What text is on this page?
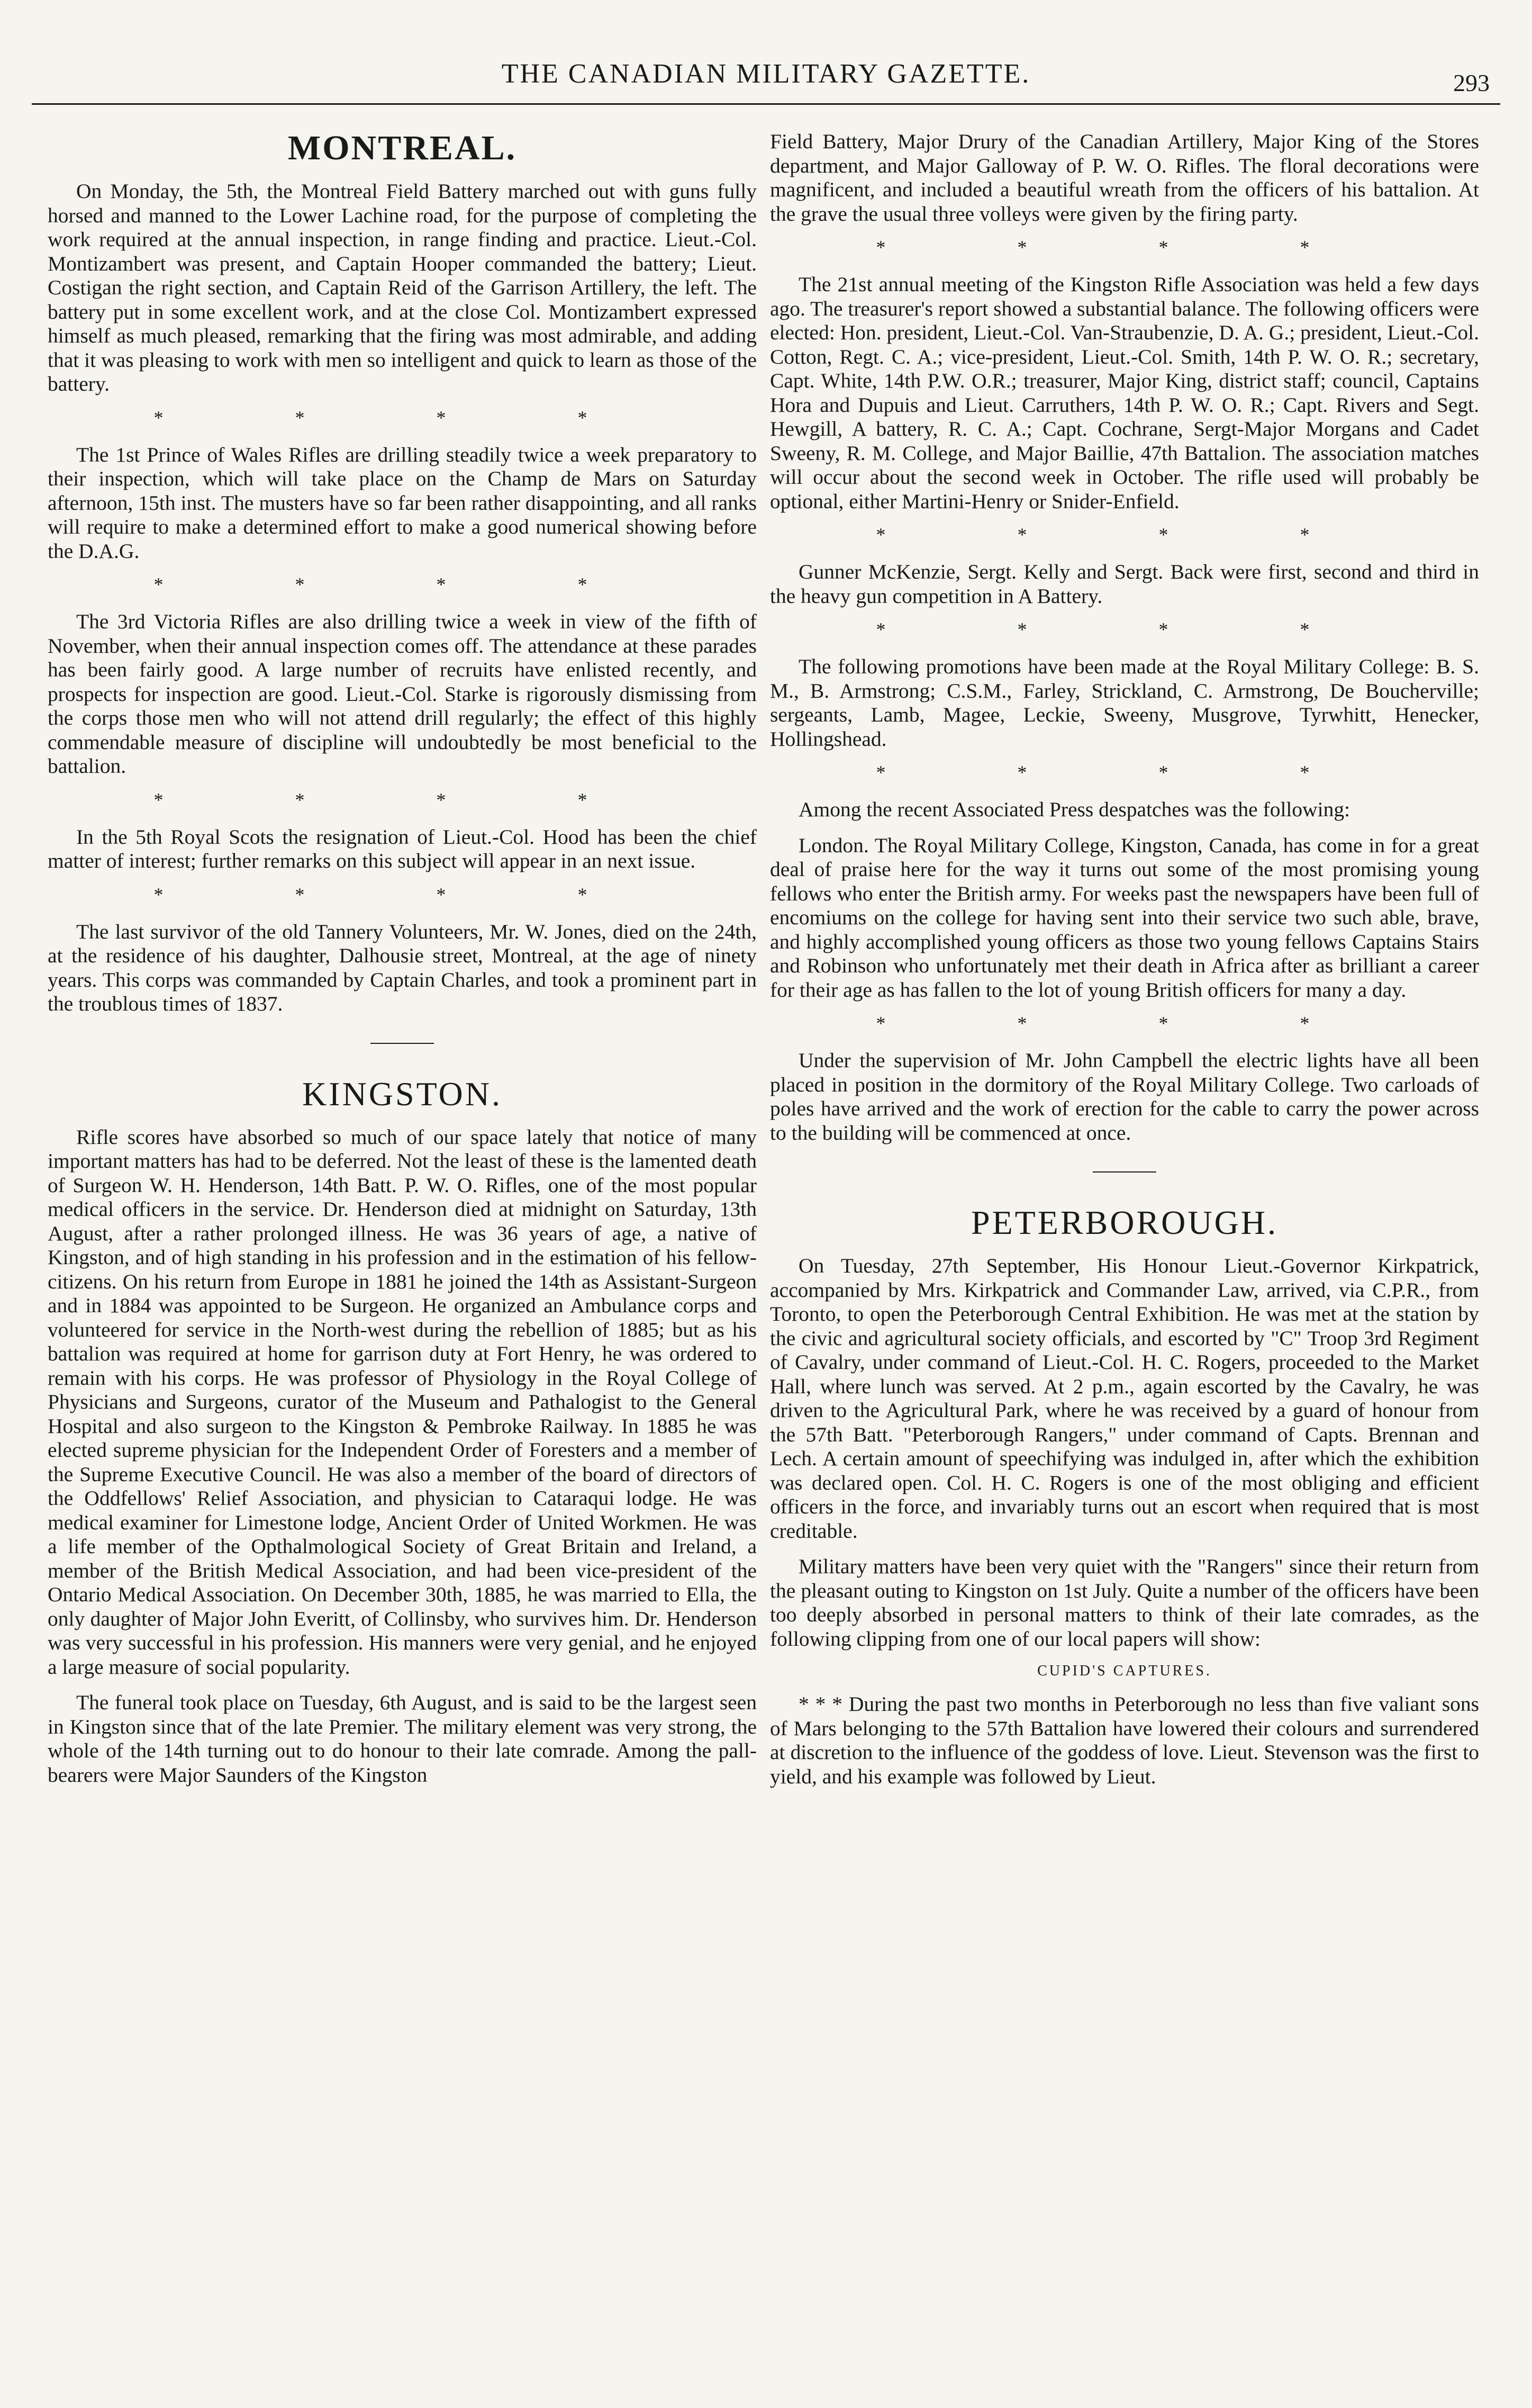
THE CANADIAN MILITARY GAZETTE.	293
MONTREAL.

On Monday, the 5th, the Montreal Field Battery marched out with guns fully horsed and manned to the Lower Lachine road, for the purpose of completing the work required at the annual inspection, in range finding and practice. Lieut.-Col. Montizambert was present, and Captain Hooper commanded the battery; Lieut. Costigan the right section, and Captain Reid of the Garrison Artillery, the left. The battery put in some excellent work, and at the close Col. Montizambert expressed himself as much pleased, remarking that the firing was most admirable, and adding that it was pleasing to work with men so intelligent and quick to learn as those of the battery.

* * * *

The 1st Prince of Wales Rifles are drilling steadily twice a week preparatory to their inspection, which will take place on the Champ de Mars on Saturday afternoon, 15th inst. The musters have so far been rather disappointing, and all ranks will require to make a determined effort to make a good numerical showing before the D.A.G.

* * * *

The 3rd Victoria Rifles are also drilling twice a week in view of the fifth of November, when their annual inspection comes off. The attendance at these parades has been fairly good. A large number of recruits have enlisted recently, and prospects for inspection are good. Lieut.-Col. Starke is rigorously dismissing from the corps those men who will not attend drill regularly; the effect of this highly commendable measure of discipline will undoubtedly be most beneficial to the battalion.

* * * *

In the 5th Royal Scots the resignation of Lieut.-Col. Hood has been the chief matter of interest; further remarks on this subject will appear in an next issue.

* * * *

The last survivor of the old Tannery Volunteers, Mr. W. Jones, died on the 24th, at the residence of his daughter, Dalhousie street, Montreal, at the age of ninety years. This corps was commanded by Captain Charles, and took a prominent part in the troublous times of 1837.

KINGSTON.

Rifle scores have absorbed so much of our space lately that notice of many important matters has had to be deferred. Not the least of these is the lamented death of Surgeon W. H. Henderson, 14th Batt. P. W. O. Rifles, one of the most popular medical officers in the service. Dr. Henderson died at midnight on Saturday, 13th August, after a rather prolonged illness. He was 36 years of age, a native of Kingston, and of high standing in his profession and in the estimation of his fellow-citizens. On his return from Europe in 1881 he joined the 14th as Assistant-Surgeon and in 1884 was appointed to be Surgeon. He organized an Ambulance corps and volunteered for service in the North-west during the rebellion of 1885; but as his battalion was required at home for garrison duty at Fort Henry, he was ordered to remain with his corps. He was professor of Physiology in the Royal College of Physicians and Surgeons, curator of the Museum and Pathalogist to the General Hospital and also surgeon to the Kingston & Pembroke Railway. In 1885 he was elected supreme physician for the Independent Order of Foresters and a member of the Supreme Executive Council. He was also a member of the board of directors of the Oddfellows' Relief Association, and physician to Cataraqui lodge. He was medical examiner for Limestone lodge, Ancient Order of United Workmen. He was a life member of the Opthalmological Society of Great Britain and Ireland, a member of the British Medical Association, and had been vice-president of the Ontario Medical Association. On December 30th, 1885, he was married to Ella, the only daughter of Major John Everitt, of Collinsby, who survives him. Dr. Henderson was very successful in his profession. His manners were very genial, and he enjoyed a large measure of social popularity.

The funeral took place on Tuesday, 6th August, and is said to be the largest seen in Kingston since that of the late Premier. The military element was very strong, the whole of the 14th turning out to do honour to their late comrade. Among the pall-bearers were Major Saunders of the Kingston

Field Battery, Major Drury of the Canadian Artillery, Major King of the Stores department, and Major Galloway of P. W. O. Rifles. The floral decorations were magnificent, and included a beautiful wreath from the officers of his battalion. At the grave the usual three volleys were given by the firing party.

* * * *

The 21st annual meeting of the Kingston Rifle Association was held a few days ago. The treasurer's report showed a substantial balance. The following officers were elected: Hon. president, Lieut.-Col. Van-Straubenzie, D. A. G.; president, Lieut.-Col. Cotton, Regt. C. A.; vice-president, Lieut.-Col. Smith, 14th P. W. O. R.; secretary, Capt. White, 14th P.W. O.R.; treasurer, Major King, district staff; council, Captains Hora and Dupuis and Lieut. Carruthers, 14th P. W. O. R.; Capt. Rivers and Segt. Hewgill, A battery, R. C. A.; Capt. Cochrane, Sergt-Major Morgans and Cadet Sweeny, R. M. College, and Major Baillie, 47th Battalion. The association matches will occur about the second week in October. The rifle used will probably be optional, either Martini-Henry or Snider-Enfield.

* * * *

Gunner McKenzie, Sergt. Kelly and Sergt. Back were first, second and third in the heavy gun competition in A Battery.

* * * *

The following promotions have been made at the Royal Military College: B. S. M., B. Armstrong; C.S.M., Farley, Strickland, C. Armstrong, De Boucherville; sergeants, Lamb, Magee, Leckie, Sweeny, Musgrove, Tyrwhitt, Henecker, Hollingshead.

* * * *

Among the recent Associated Press despatches was the following:

London. The Royal Military College, Kingston, Canada, has come in for a great deal of praise here for the way it turns out some of the most promising young fellows who enter the British army. For weeks past the newspapers have been full of encomiums on the college for having sent into their service two such able, brave, and highly accomplished young officers as those two young fellows Captains Stairs and Robinson who unfortunately met their death in Africa after as brilliant a career for their age as has fallen to the lot of young British officers for many a day.

* * * *

Under the supervision of Mr. John Campbell the electric lights have all been placed in position in the dormitory of the Royal Military College. Two carloads of poles have arrived and the work of erection for the cable to carry the power across to the building will be commenced at once.

PETERBOROUGH.

On Tuesday, 27th September, His Honour Lieut.-Governor Kirkpatrick, accompanied by Mrs. Kirkpatrick and Commander Law, arrived, via C.P.R., from Toronto, to open the Peterborough Central Exhibition. He was met at the station by the civic and agricultural society officials, and escorted by "C" Troop 3rd Regiment of Cavalry, under command of Lieut.-Col. H. C. Rogers, proceeded to the Market Hall, where lunch was served. At 2 p.m., again escorted by the Cavalry, he was driven to the Agricultural Park, where he was received by a guard of honour from the 57th Batt. "Peterborough Rangers," under command of Capts. Brennan and Lech. A certain amount of speechifying was indulged in, after which the exhibition was declared open. Col. H. C. Rogers is one of the most obliging and efficient officers in the force, and invariably turns out an escort when required that is most creditable.

Military matters have been very quiet with the "Rangers" since their return from the pleasant outing to Kingston on 1st July. Quite a number of the officers have been too deeply absorbed in personal matters to think of their late comrades, as the following clipping from one of our local papers will show:

CUPID'S CAPTURES.

* * * During the past two months in Peterborough no less than five valiant sons of Mars belonging to the 57th Battalion have lowered their colours and surrendered at discretion to the influence of the goddess of love. Lieut. Stevenson was the first to yield, and his example was followed by Lieut.
